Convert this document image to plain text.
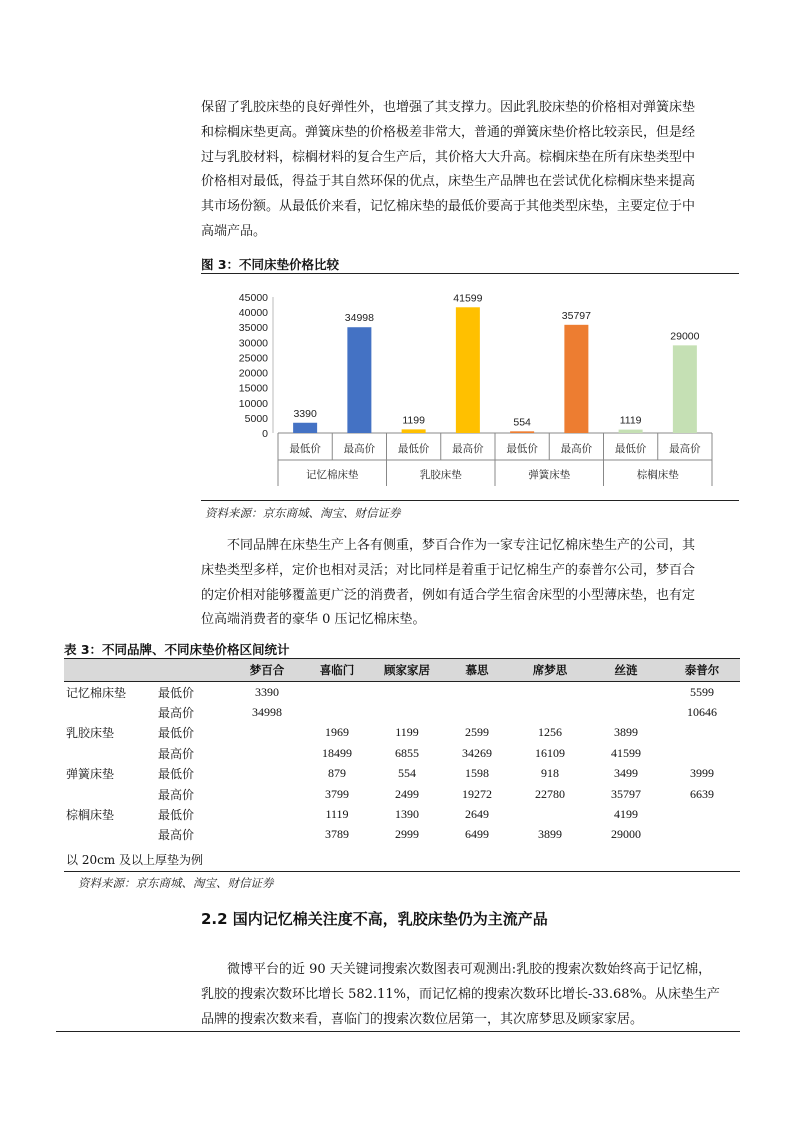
保留了乳胶床垫的良好弹性外，也增强了其支撑力。因此乳胶床垫的价格相对弹簧床垫
和棕榈床垫更高。弹簧床垫的价格极差非常大，普通的弹簧床垫价格比较亲民，但是经
过与乳胶材料，棕榈材料的复合生产后，其价格大大升高。棕榈床垫在所有床垫类型中
价格相对最低，得益于其自然环保的优点，床垫生产品牌也在尝试优化棕榈床垫来提高
其市场份额。从最低价来看，记忆棉床垫的最低价要高于其他类型床垫，主要定位于中
高端产品。
图 3：不同床垫价格比较
45000
40000
35000
30000
25000
20000
15000
10000
5000
0
3390
最低价
34998
最高价
1199
最低价
41599
最高价
554
最低价
35797
最高价
1119
最低价
29000
最高价
记忆棉床垫	乳胶床垫	弹簧床垫	棕榈床垫
资料来源：京东商城、淘宝、财信证券
　　不同品牌在床垫生产上各有侧重，梦百合作为一家专注记忆棉床垫生产的公司，其
床垫类型多样，定价也相对灵活；对比同样是着重于记忆棉生产的泰普尔公司，梦百合
的定价相对能够覆盖更广泛的消费者，例如有适合学生宿舍床型的小型薄床垫，也有定
位高端消费者的豪华 0 压记忆棉床垫。
表 3：不同品牌、不同床垫价格区间统计
		梦百合	喜临门	顾家家居	慕思	席梦思	丝涟	泰普尔
记忆棉床垫	最低价	3390						5599
	最高价	34998						10646
乳胶床垫	最低价		1969	1199	2599	1256	3899	
	最高价		18499	6855	34269	16109	41599	
弹簧床垫	最低价		879	554	1598	918	3499	3999
	最高价		3799	2499	19272	22780	35797	6639
棕榈床垫	最低价		1119	1390	2649		4199	
	最高价		3789	2999	6499	3899	29000	
以 20cm 及以上厚垫为例
资料来源：京东商城、淘宝、财信证券
2.2 国内记忆棉关注度不高，乳胶床垫仍为主流产品
　　微博平台的近 90 天关键词搜索次数图表可观测出:乳胶的搜索次数始终高于记忆棉，
乳胶的搜索次数环比增长 582.11%，而记忆棉的搜索次数环比增长-33.68%。从床垫生产
品牌的搜索次数来看，喜临门的搜索次数位居第一，其次席梦思及顾家家居。
